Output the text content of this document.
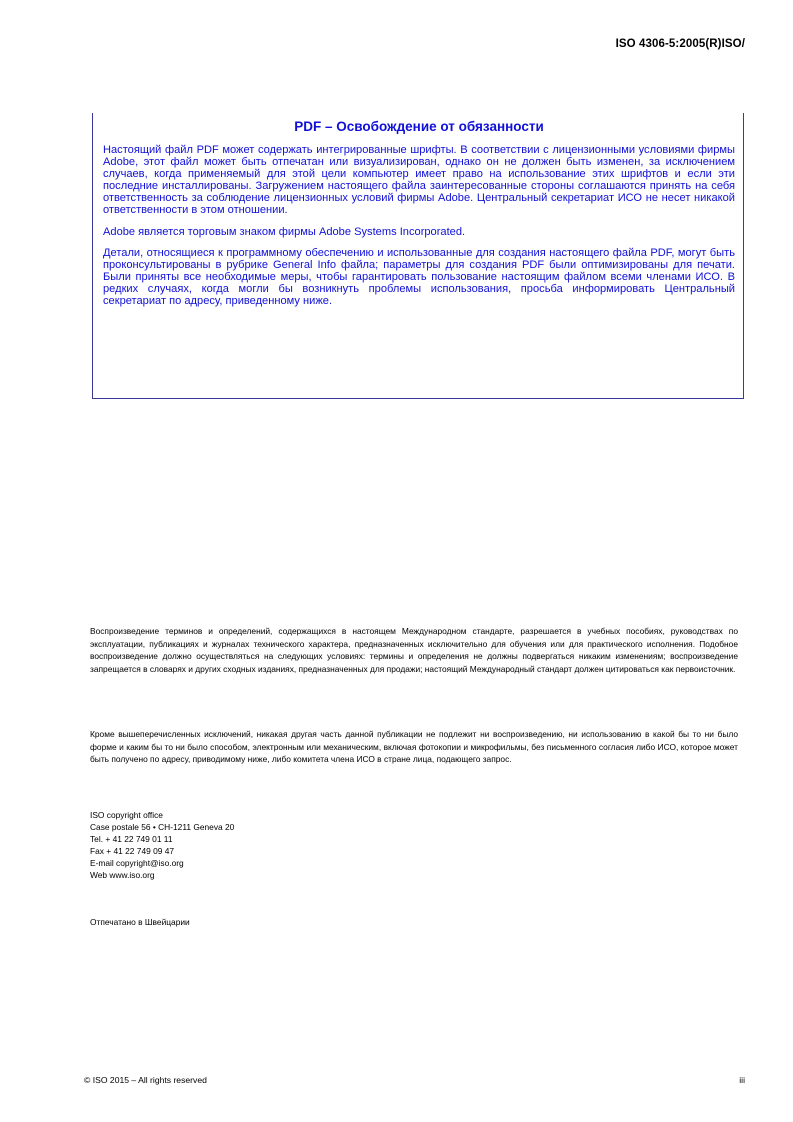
ISO 4306-5:2005(R)ISO/
PDF – Освобождение от обязанности

Настоящий файл PDF может содержать интегрированные шрифты. В соответствии с лицензионными условиями фирмы Adobe, этот файл может быть отпечатан или визуализирован, однако он не должен быть изменен, за исключением случаев, когда применяемый для этой цели компьютер имеет право на использование этих шрифтов и если эти последние инсталлированы. Загружением настоящего файла заинтересованные стороны соглашаются принять на себя ответственность за соблюдение лицензионных условий фирмы Adobe. Центральный секретариат ИСО не несет никакой ответственности в этом отношении.

Adobe является торговым знаком фирмы Adobe Systems Incorporated.

Детали, относящиеся к программному обеспечению и использованные для создания настоящего файла PDF, могут быть проконсультированы в рубрике General Info файла; параметры для создания PDF были оптимизированы для печати. Были приняты все необходимые меры, чтобы гарантировать пользование настоящим файлом всеми членами ИСО. В редких случаях, когда могли бы возникнуть проблемы использования, просьба информировать Центральный секретариат по адресу, приведенному ниже.

Воспроизведение терминов и определений, содержащихся в настоящем Международном стандарте, разрешается в учебных пособиях, руководствах по эксплуатации, публикациях и журналах технического характера, предназначенных исключительно для обучения или для практического исполнения. Подобное воспроизведение должно осуществляться на следующих условиях: термины и определения не должны подвергаться никаким изменениям; воспроизведение запрещается в словарях и других сходных изданиях, предназначенных для продажи; настоящий Международный стандарт должен цитироваться как первоисточник.

Кроме вышеперечисленных исключений, никакая другая часть данной публикации не подлежит ни воспроизведению, ни использованию в какой бы то ни было форме и каким бы то ни было способом, электронным или механическим, включая фотокопии и микрофильмы, без письменного согласия либо ИСО, которое может быть получено по адресу, приводимому ниже, либо комитета члена ИСО в стране лица, подающего запрос.

ISO copyright office
Case postale 56 • CH-1211 Geneva 20
Tel. + 41 22 749 01 11
Fax + 41 22 749 09 47
E-mail copyright@iso.org
Web www.iso.org
Отпечатано в Швейцарии
© ISO 2015 – All rights reserved	iii
